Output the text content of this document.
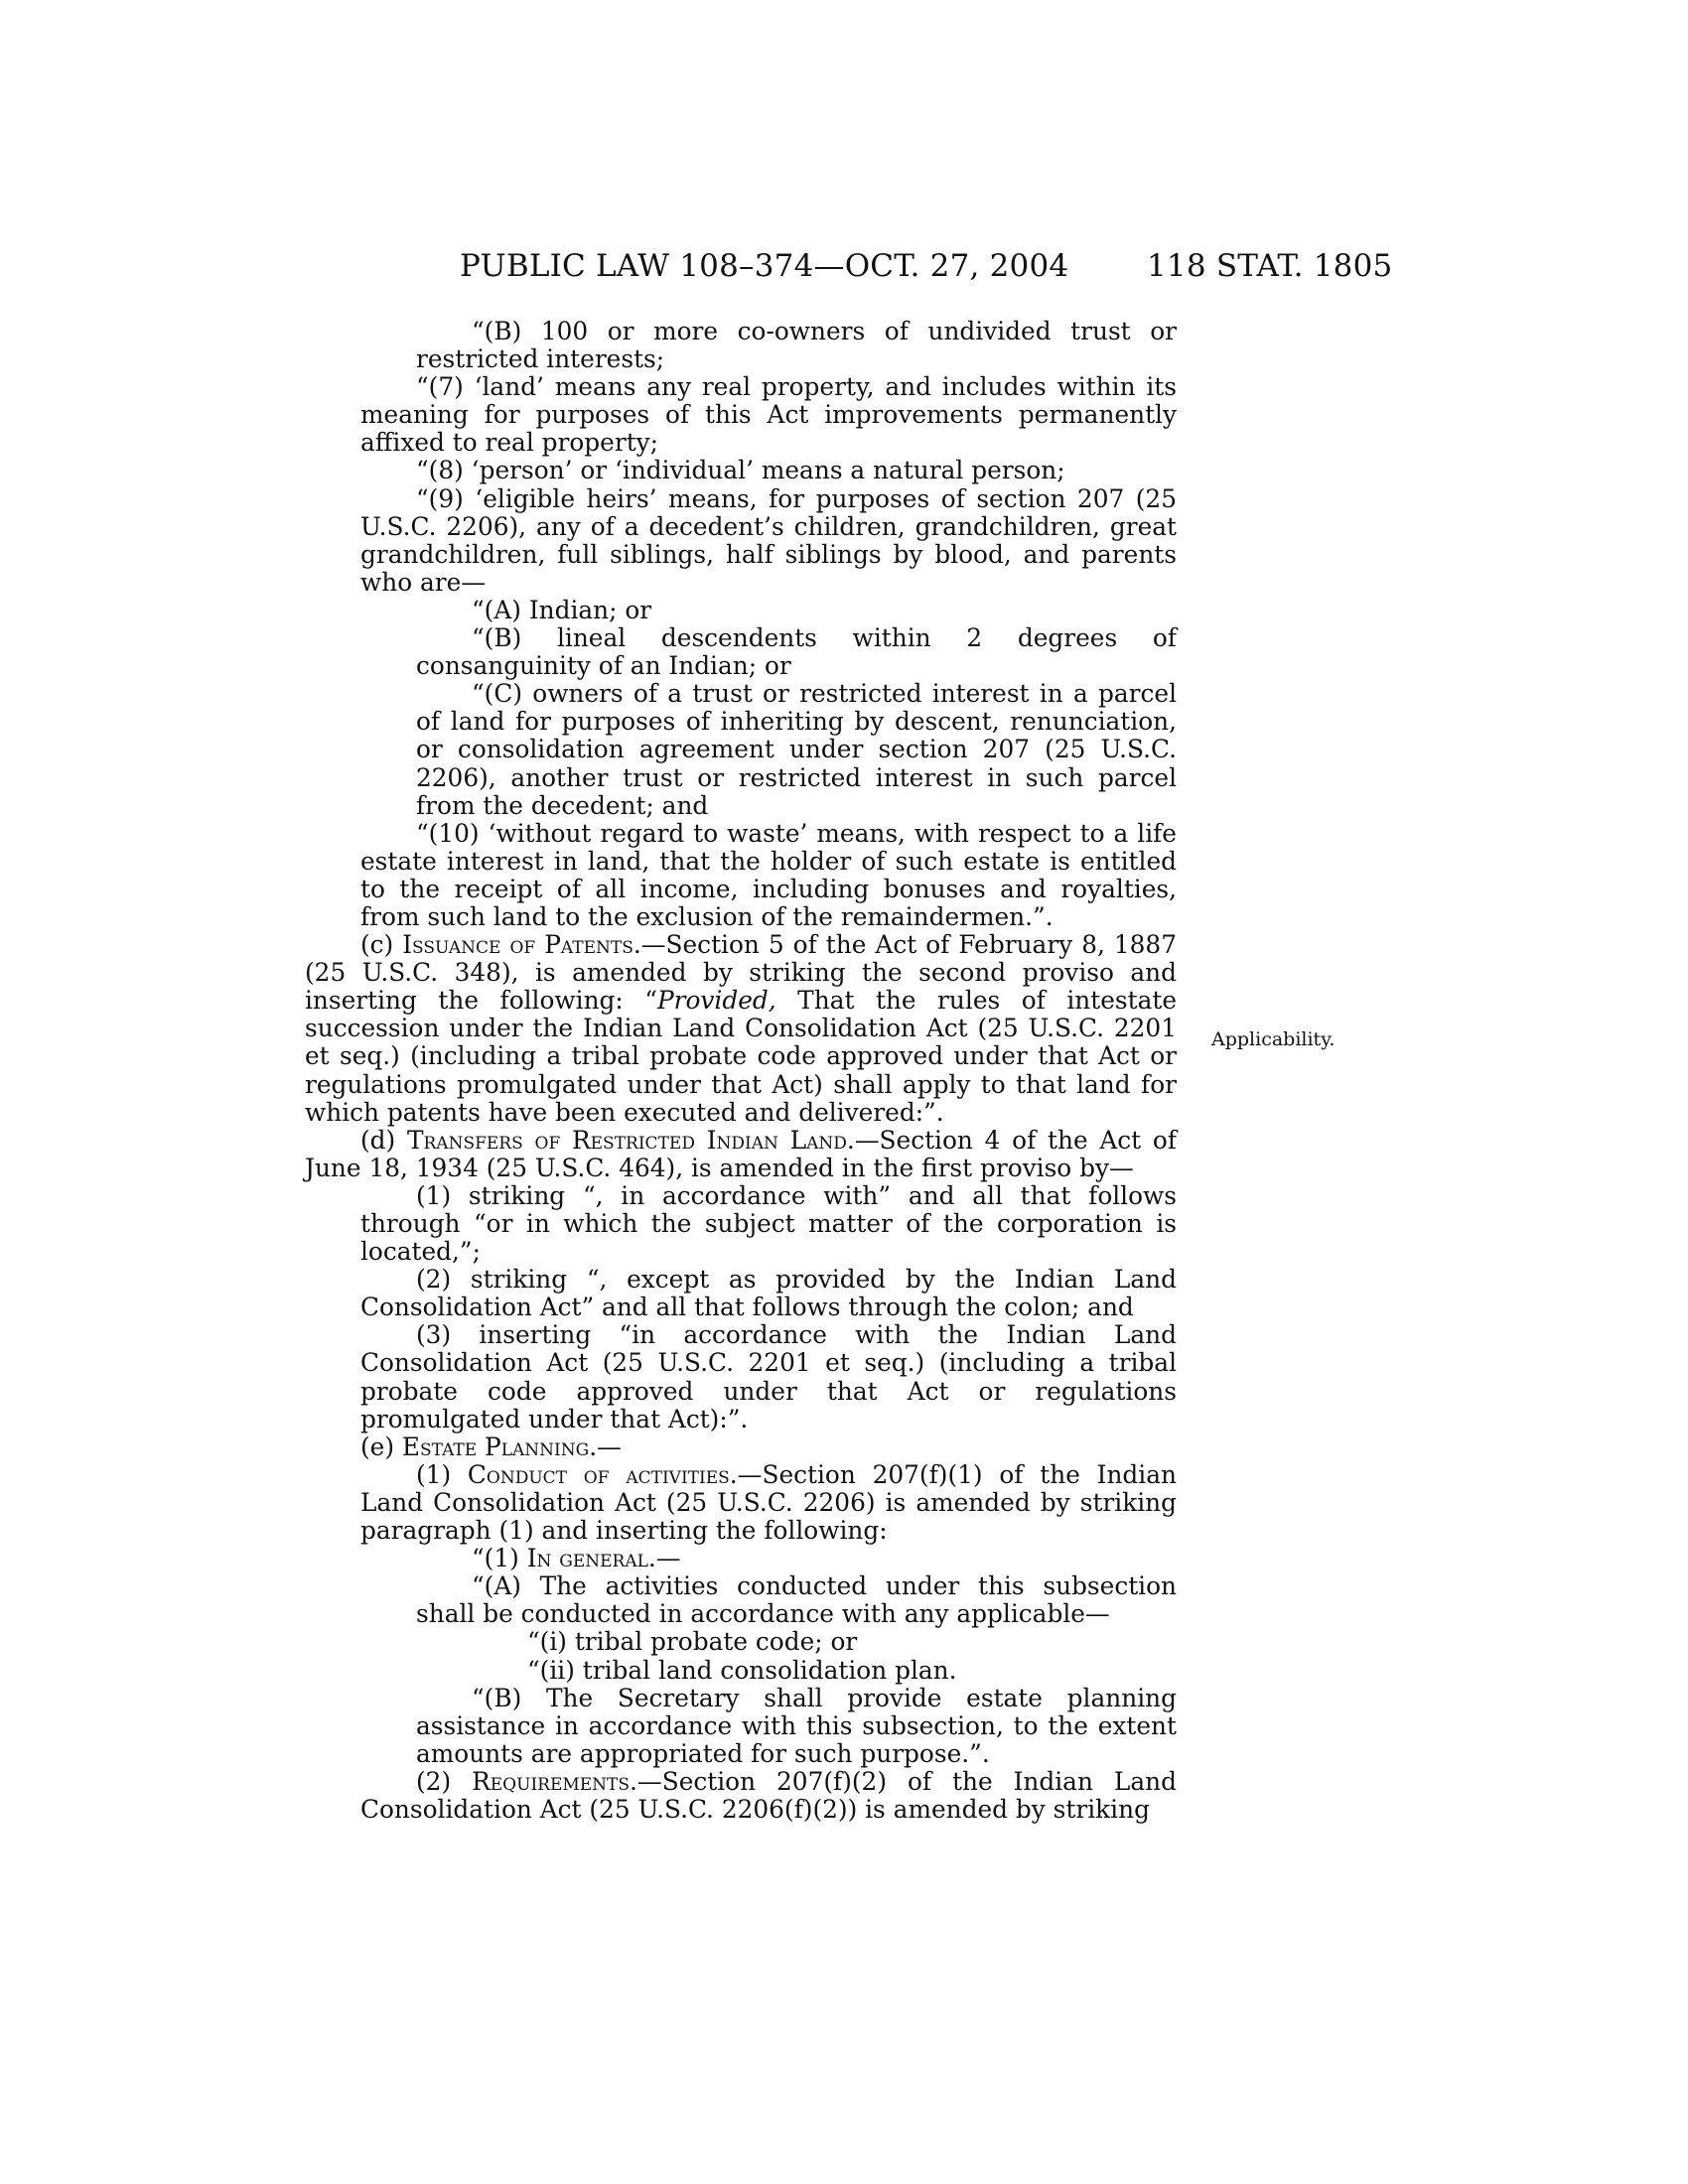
PUBLIC LAW 108–374—OCT. 27, 2004	118 STAT. 1805
Applicability.

“(B) 100 or more co-owners of undivided trust or restricted interests;

“(7) ‘land’ means any real property, and includes within its meaning for purposes of this Act improvements permanently affixed to real property;

“(8) ‘person’ or ‘individual’ means a natural person;

“(9) ‘eligible heirs’ means, for purposes of section 207 (25 U.S.C. 2206), any of a decedent’s children, grandchildren, great grandchildren, full siblings, half siblings by blood, and parents who are—

“(A) Indian; or

“(B) lineal descendents within 2 degrees of consanguinity of an Indian; or

“(C) owners of a trust or restricted interest in a parcel of land for purposes of inheriting by descent, renunciation, or consolidation agreement under section 207 (25 U.S.C. 2206), another trust or restricted interest in such parcel from the decedent; and

“(10) ‘without regard to waste’ means, with respect to a life estate interest in land, that the holder of such estate is entitled to the receipt of all income, including bonuses and royalties, from such land to the exclusion of the remaindermen.”.

(c) Issuance of Patents.—Section 5 of the Act of February 8, 1887 (25 U.S.C. 348), is amended by striking the second proviso and inserting the following: “Provided, That the rules of intestate succession under the Indian Land Consolidation Act (25 U.S.C. 2201 et seq.) (including a tribal probate code approved under that Act or regulations promulgated under that Act) shall apply to that land for which patents have been executed and delivered:”.

(d) Transfers of Restricted Indian Land.—Section 4 of the Act of June 18, 1934 (25 U.S.C. 464), is amended in the first proviso by—

(1) striking “, in accordance with” and all that follows through “or in which the subject matter of the corporation is located,”;

(2) striking “, except as provided by the Indian Land Consolidation Act” and all that follows through the colon; and

(3) inserting “in accordance with the Indian Land Consolidation Act (25 U.S.C. 2201 et seq.) (including a tribal probate code approved under that Act or regulations promulgated under that Act):”.

(e) Estate Planning.—

(1) Conduct of activities.—Section 207(f)(1) of the Indian Land Consolidation Act (25 U.S.C. 2206) is amended by striking paragraph (1) and inserting the following:

“(1) In general.—

“(A) The activities conducted under this subsection shall be conducted in accordance with any applicable—

“(i) tribal probate code; or

“(ii) tribal land consolidation plan.

“(B) The Secretary shall provide estate planning assistance in accordance with this subsection, to the extent amounts are appropriated for such purpose.”.

(2) Requirements.—Section 207(f)(2) of the Indian Land Consolidation Act (25 U.S.C. 2206(f)(2)) is amended by striking
